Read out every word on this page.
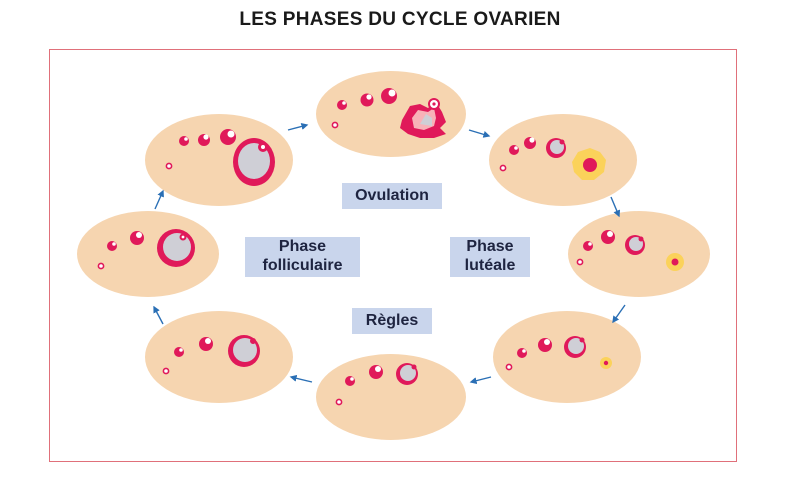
LES PHASES DU CYCLE OVARIEN
Ovulation
Phase
folliculaire
Phase
lutéale
Règles
